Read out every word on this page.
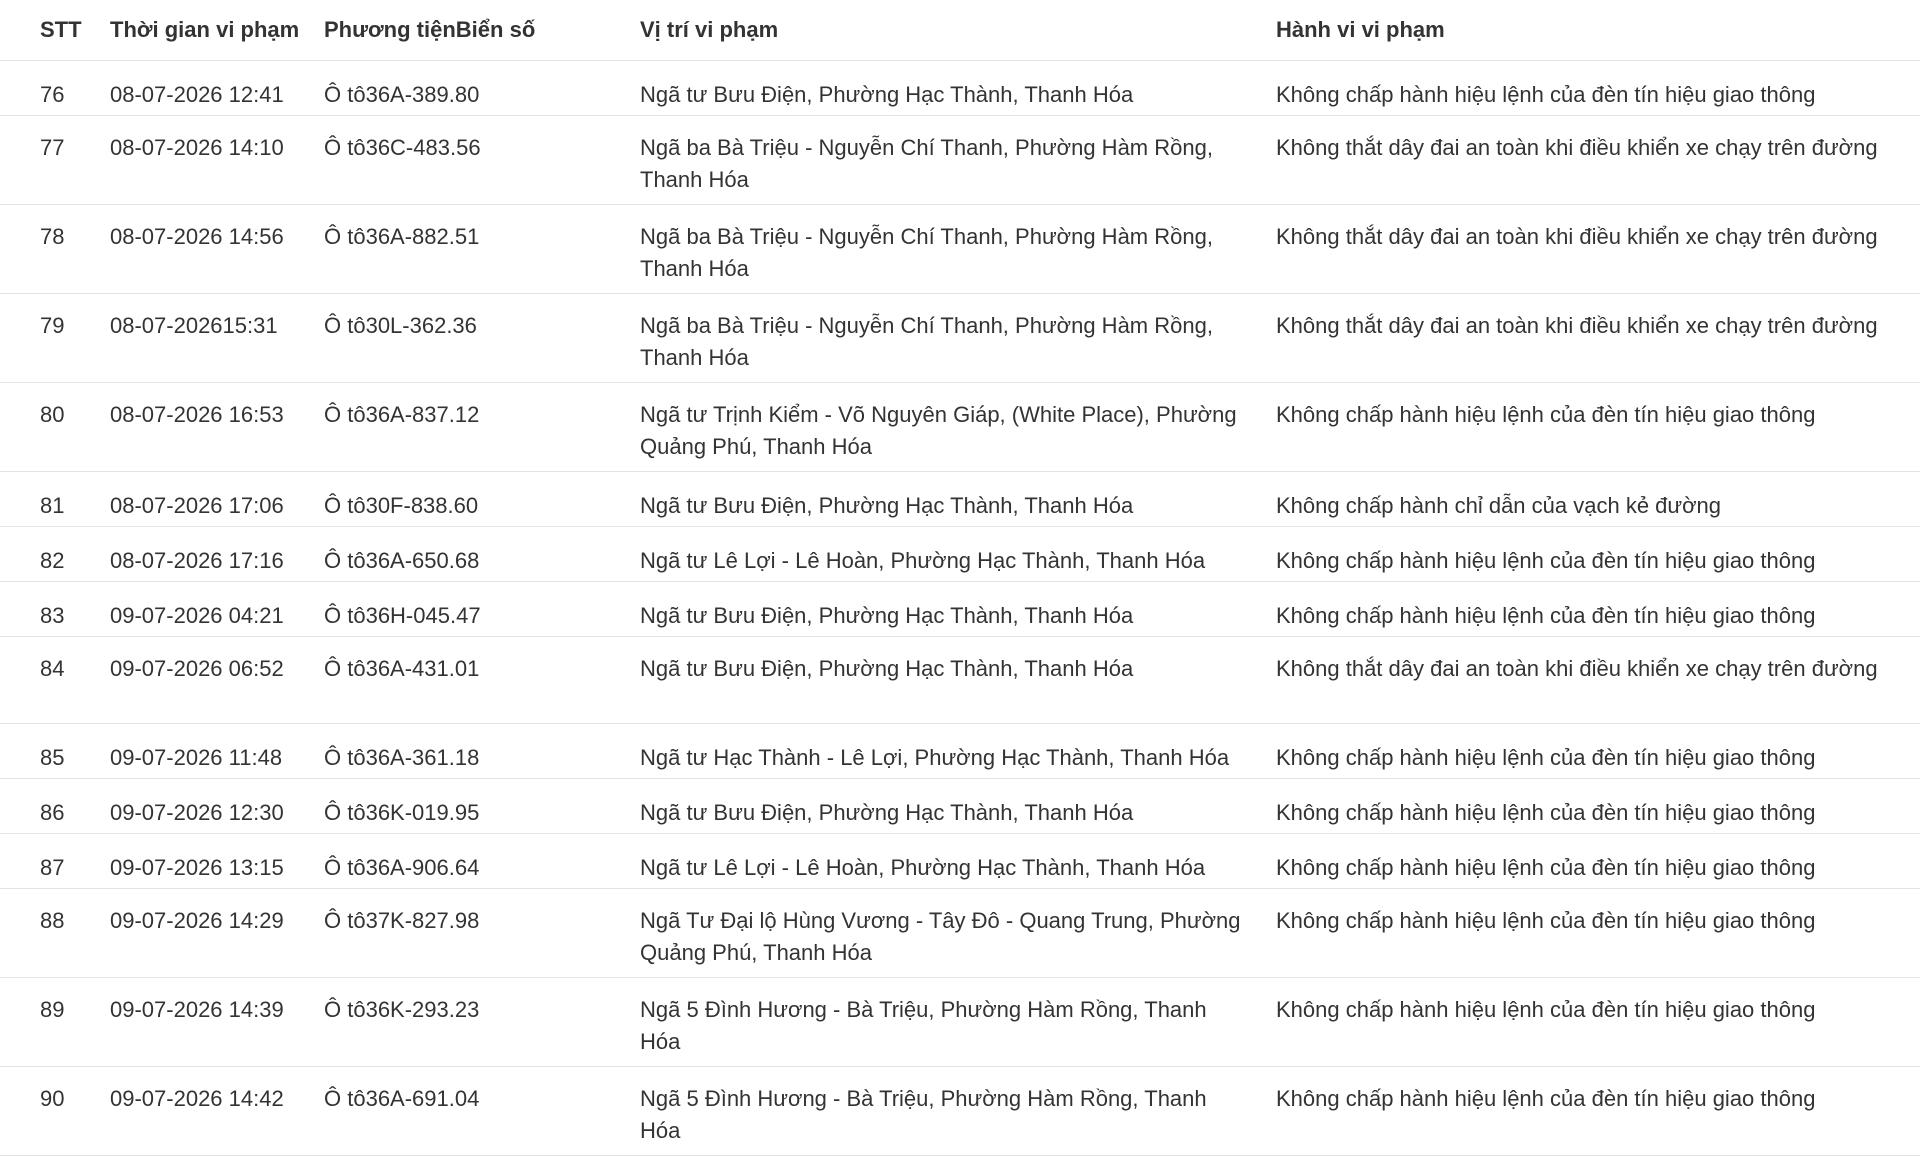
STT	Thời gian vi phạm	Phương tiệnBiển số	Vị trí vi phạm	Hành vi vi phạm
76	08-07-2026 12:41	Ô tô36A-389.80	Ngã tư Bưu Điện, Phường Hạc Thành, Thanh Hóa	Không chấp hành hiệu lệnh của đèn tín hiệu giao thông

77	08-07-2026 14:10	Ô tô36C-483.56	Ngã ba Bà Triệu - Nguyễn Chí Thanh, Phường Hàm Rồng, Thanh Hóa	Không thắt dây đai an toàn khi điều khiển xe chạy trên đường

78	08-07-2026 14:56	Ô tô36A-882.51	Ngã ba Bà Triệu - Nguyễn Chí Thanh, Phường Hàm Rồng, Thanh Hóa	Không thắt dây đai an toàn khi điều khiển xe chạy trên đường

79	08-07-202615:31	Ô tô30L-362.36	Ngã ba Bà Triệu - Nguyễn Chí Thanh, Phường Hàm Rồng, Thanh Hóa	Không thắt dây đai an toàn khi điều khiển xe chạy trên đường

80	08-07-2026 16:53	Ô tô36A-837.12	Ngã tư Trịnh Kiểm - Võ Nguyên Giáp, (White Place), Phường Quảng Phú, Thanh Hóa	Không chấp hành hiệu lệnh của đèn tín hiệu giao thông

81	08-07-2026 17:06	Ô tô30F-838.60	Ngã tư Bưu Điện, Phường Hạc Thành, Thanh Hóa	Không chấp hành chỉ dẫn của vạch kẻ đường

82	08-07-2026 17:16	Ô tô36A-650.68	Ngã tư Lê Lợi - Lê Hoàn, Phường Hạc Thành, Thanh Hóa	Không chấp hành hiệu lệnh của đèn tín hiệu giao thông

83	09-07-2026 04:21	Ô tô36H-045.47	Ngã tư Bưu Điện, Phường Hạc Thành, Thanh Hóa	Không chấp hành hiệu lệnh của đèn tín hiệu giao thông

84	09-07-2026 06:52	Ô tô36A-431.01	Ngã tư Bưu Điện, Phường Hạc Thành, Thanh Hóa	Không thắt dây đai an toàn khi điều khiển xe chạy trên đường

85	09-07-2026 11:48	Ô tô36A-361.18	Ngã tư Hạc Thành - Lê Lợi, Phường Hạc Thành, Thanh Hóa	Không chấp hành hiệu lệnh của đèn tín hiệu giao thông

86	09-07-2026 12:30	Ô tô36K-019.95	Ngã tư Bưu Điện, Phường Hạc Thành, Thanh Hóa	Không chấp hành hiệu lệnh của đèn tín hiệu giao thông

87	09-07-2026 13:15	Ô tô36A-906.64	Ngã tư Lê Lợi - Lê Hoàn, Phường Hạc Thành, Thanh Hóa	Không chấp hành hiệu lệnh của đèn tín hiệu giao thông

88	09-07-2026 14:29	Ô tô37K-827.98	Ngã Tư Đại lộ Hùng Vương - Tây Đô - Quang Trung, Phường Quảng Phú, Thanh Hóa	Không chấp hành hiệu lệnh của đèn tín hiệu giao thông

89	09-07-2026 14:39	Ô tô36K-293.23	Ngã 5 Đình Hương - Bà Triệu, Phường Hàm Rồng, Thanh Hóa	Không chấp hành hiệu lệnh của đèn tín hiệu giao thông

90	09-07-2026 14:42	Ô tô36A-691.04	Ngã 5 Đình Hương - Bà Triệu, Phường Hàm Rồng, Thanh Hóa	Không chấp hành hiệu lệnh của đèn tín hiệu giao thông
